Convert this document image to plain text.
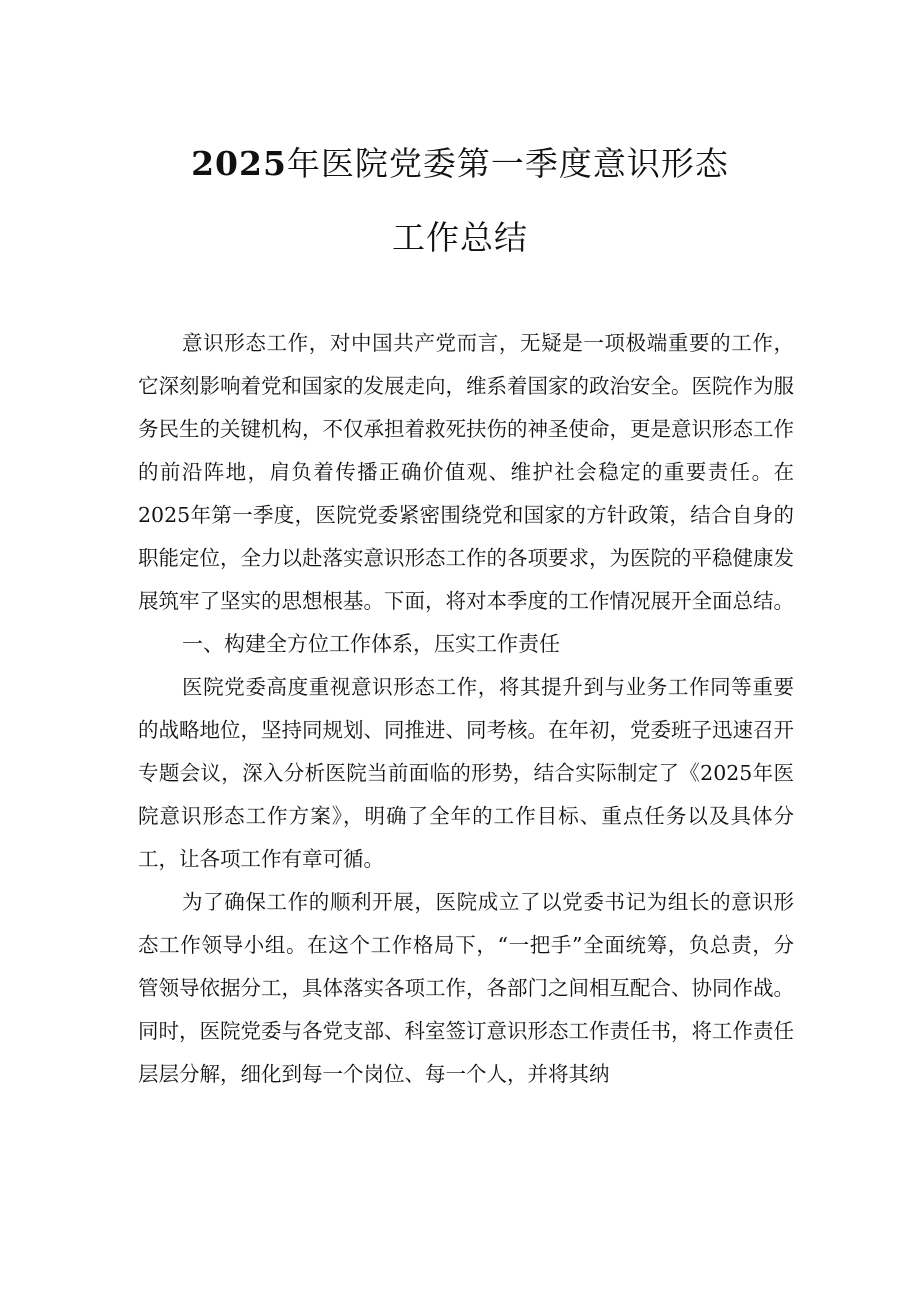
2025年医院党委第一季度意识形态
工作总结

意识形态工作，对中国共产党而言，无疑是一项极端重要的工作，它深刻影响着党和国家的发展走向，维系着国家的政治安全。医院作为服务民生的关键机构，不仅承担着救死扶伤的神圣使命，更是意识形态工作的前沿阵地，肩负着传播正确价值观、维护社会稳定的重要责任。在2025年第一季度，医院党委紧密围绕党和国家的方针政策，结合自身的职能定位，全力以赴落实意识形态工作的各项要求，为医院的平稳健康发展筑牢了坚实的思想根基。下面，将对本季度的工作情况展开全面总结。

一、构建全方位工作体系，压实工作责任

医院党委高度重视意识形态工作，将其提升到与业务工作同等重要的战略地位，坚持同规划、同推进、同考核。在年初，党委班子迅速召开专题会议，深入分析医院当前面临的形势，结合实际制定了《2025年医院意识形态工作方案》，明确了全年的工作目标、重点任务以及具体分工，让各项工作有章可循。

为了确保工作的顺利开展，医院成立了以党委书记为组长的意识形态工作领导小组。在这个工作格局下，“一把手”全面统筹，负总责，分管领导依据分工，具体落实各项工作，各部门之间相互配合、协同作战。同时，医院党委与各党支部、科室签订意识形态工作责任书，将工作责任层层分解，细化到每一个岗位、每一个人，并将其纳
